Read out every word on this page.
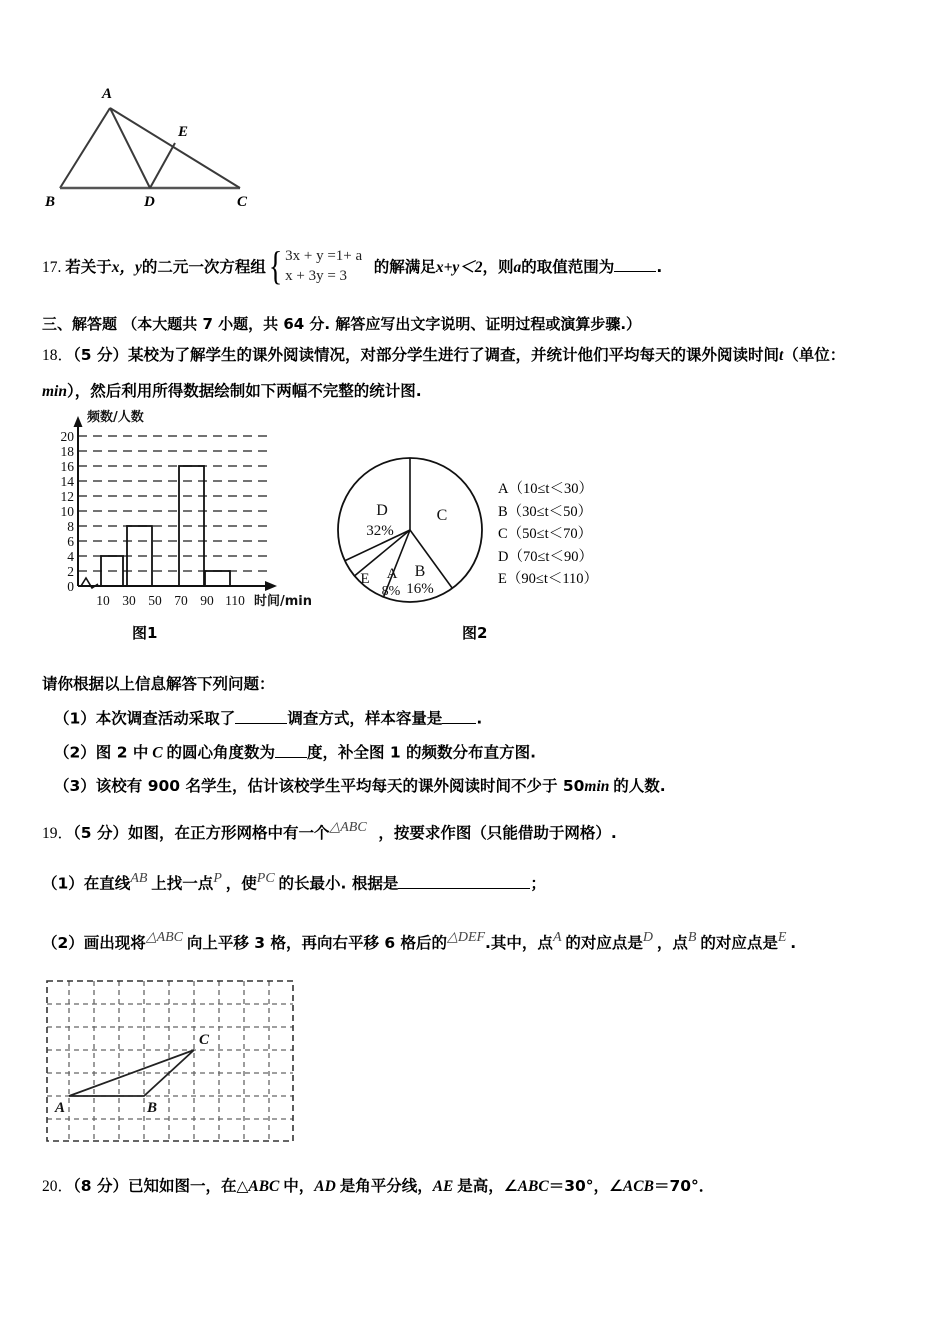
A
B	C
D
E
17. 若关于x，y的二元一次方程组{ 3x + y =1+ a
x + 3y = 3
的解满足x+y＜2，则a的取值范围为	.
三、解答题 （本大题共 7 小题，共 64 分. 解答应写出文字说明、证明过程或演算步骤.）
18．（5 分）某校为了解学生的课外阅读情况，对部分学生进行了调查，并统计他们平均每天的课外阅读时间t（单位：
min），然后利用所得数据绘制如下两幅不完整的统计图.
0
2
4
6
8
10
12
14
16
18
20
10 30 50 70 90 110
频数/人数
时间/min
图1
C
D
32%
B
16%
A
8%
E
图2
A（10≤t＜30）
B（30≤t＜50）
C（50≤t＜70）
D（70≤t＜90）
E（90≤t＜110）
请你根据以上信息解答下列问题：
（1）本次调查活动采取了	调查方式，样本容量是 .
（2）图 2 中 C 的圆心角度数为 度，补全图 1 的频数分布直方图.
（3）该校有 900 名学生，估计该校学生平均每天的课外阅读时间不少于 50min 的人数.
19．（5 分）如图，在正方形网格中有一个△ABC ，按要求作图（只能借助于网格）.
（1）在直线AB 上找一点P ，使PC 的长最小. 根据是	；
（2）画出现将△ABC 向上平移 3 格，再向右平移 6 格后的△DEF.其中，点A 的对应点是D ，点B 的对应点是E .
A	B
C
20．（8 分）已知如图一，在△ABC 中，AD 是角平分线，AE 是高，∠ABC＝30°，∠ACB＝70°．
